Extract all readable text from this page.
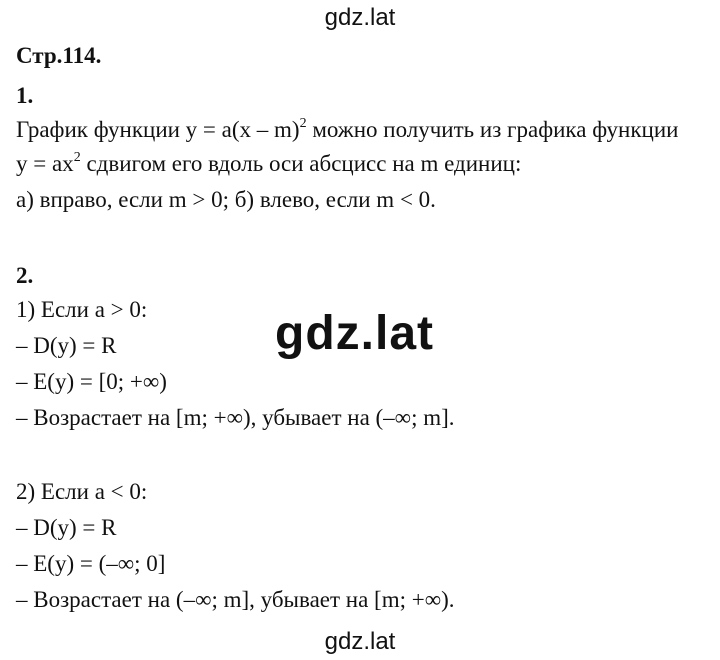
gdz.lat
Стр.114.
1.
График функции y = a(x – m)$^2$ можно получить из графика функции
$y = ax^2$ сдвигом его вдоль оси абсцисс на m единиц:
а) вправо, если m > 0; б) влево, если m < 0.
2.
1) Если a > 0:
– D(y) = R
– E(y) = [0; +∞)
– Возрастает на [m; +∞), убывает на (–∞; m].
gdz.lat
2) Если a < 0:
– D(y) = R
– E(y) = (–∞; 0]
– Возрастает на (–∞; m], убывает на [m; +∞).
gdz.lat
